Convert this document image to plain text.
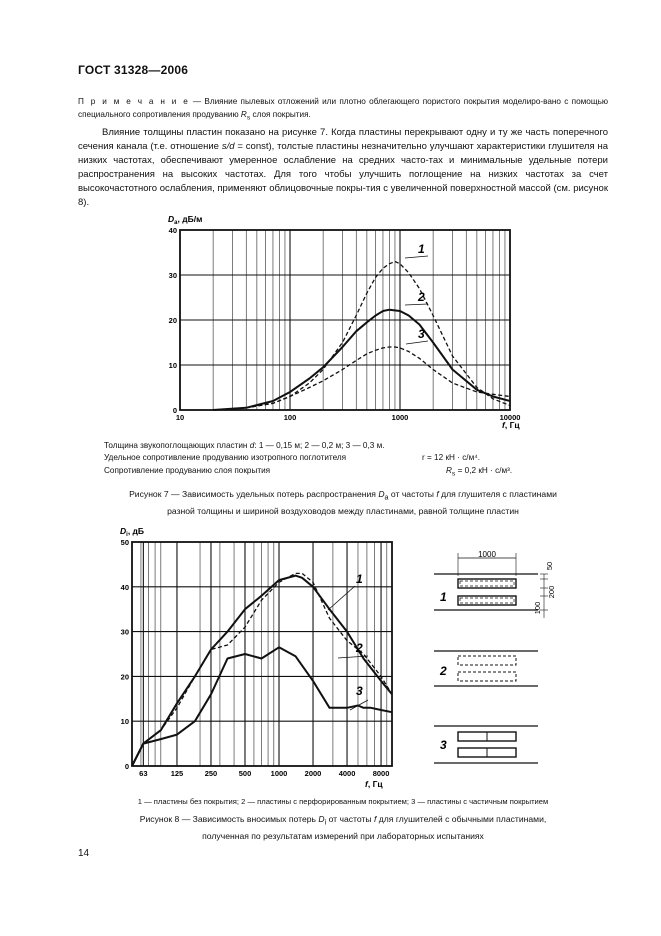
ГОСТ 31328—2006
П р и м е ч а н и е — Влияние пылевых отложений или плотно облегающего пористого покрытия моделиро-вано с помощью специального сопротивления продуванию $R_s$ слоя покрытия.
Влияние толщины пластин показано на рисунке 7. Когда пластины перекрывают одну и ту же часть поперечного сечения канала (т.е. отношение s/d = const), толстые пластины незначительно улучшают характеристики глушителя на низких частотах, обеспечивают умеренное ослабление на средних часто-тах и минимальные удельные потери распространения на высоких частотах. Для того чтобы улучшить поглощение на низких частотах за счет высокочастотного ослабления, применяют облицовочные покры-тия с увеличенной поверхностной массой (см. рисунок 8).
10	100	1000	10000
0
10
20
30
40
$D_a$, дБ/м
f, Гц
1
2
3
Толщина звукопоглощающих пластин d: 1 — 0,15 м; 2 — 0,2 м; 3 — 0,3 м.
Удельное сопротивление продуванию изотропного поглотителя	r = 12 кН · с/м⁴.
Сопротивление продуванию слоя покрытия	$R_s = 0,2$ кН · с/м³.
Рисунок 7 — Зависимость удельных потерь распространения $D_a$ от частоты f для глушителя с пластинами
разной толщины и шириной воздуховодов между пластинами, равной толщине пластин
63	125	250	500	1000 2000 4000 8000
0
10
20
30
40
50
$D_i$, дБ
f, Гц
1
2
3
1000
1
50
100
200
2
3
1 — пластины без покрытия; 2 — пластины с перфорированным покрытием; 3 — пластины с частичным покрытием
Рисунок 8 — Зависимость вносимых потерь $D_i$ от частоты f для глушителей с обычными пластинами,
полученная по результатам измерений при лабораторных испытаниях
14
